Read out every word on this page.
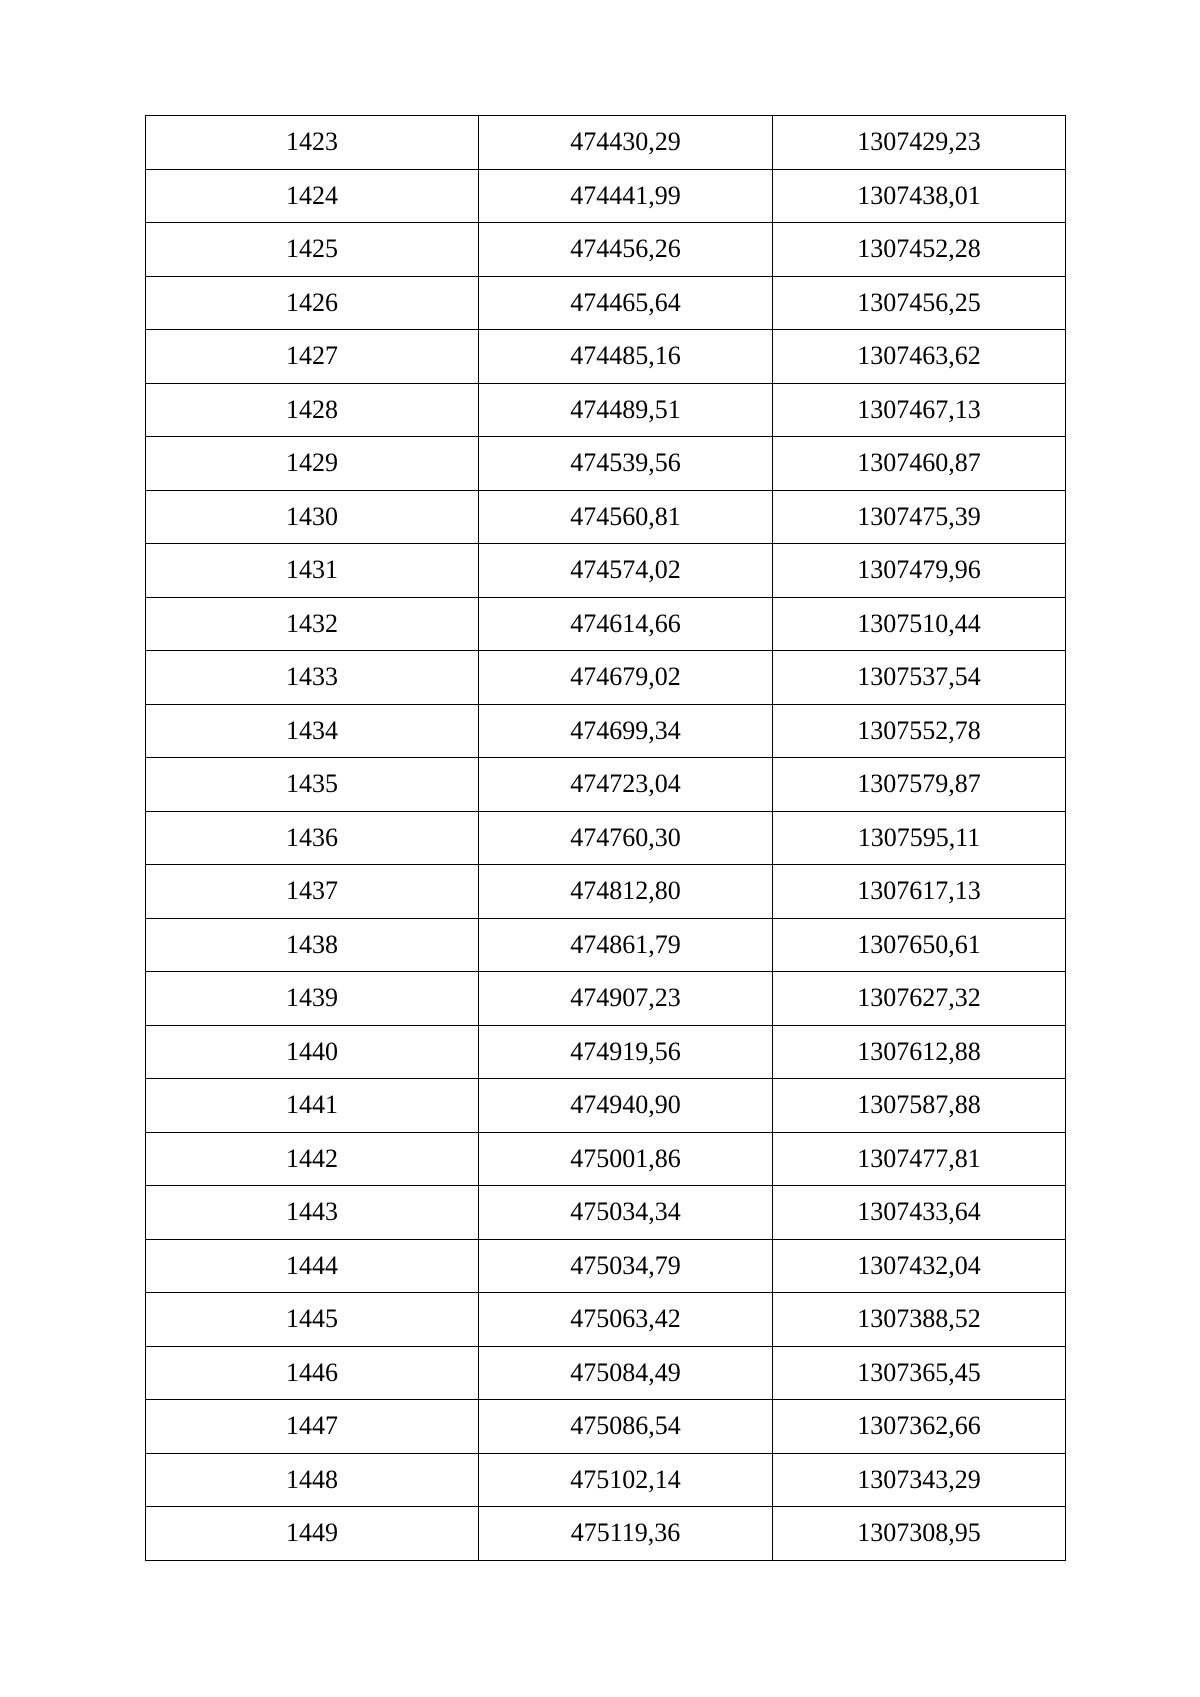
1423	474430,29	1307429,23
1424	474441,99	1307438,01
1425	474456,26	1307452,28
1426	474465,64	1307456,25
1427	474485,16	1307463,62
1428	474489,51	1307467,13
1429	474539,56	1307460,87
1430	474560,81	1307475,39
1431	474574,02	1307479,96
1432	474614,66	1307510,44
1433	474679,02	1307537,54
1434	474699,34	1307552,78
1435	474723,04	1307579,87
1436	474760,30	1307595,11
1437	474812,80	1307617,13
1438	474861,79	1307650,61
1439	474907,23	1307627,32
1440	474919,56	1307612,88
1441	474940,90	1307587,88
1442	475001,86	1307477,81
1443	475034,34	1307433,64
1444	475034,79	1307432,04
1445	475063,42	1307388,52
1446	475084,49	1307365,45
1447	475086,54	1307362,66
1448	475102,14	1307343,29
1449	475119,36	1307308,95
